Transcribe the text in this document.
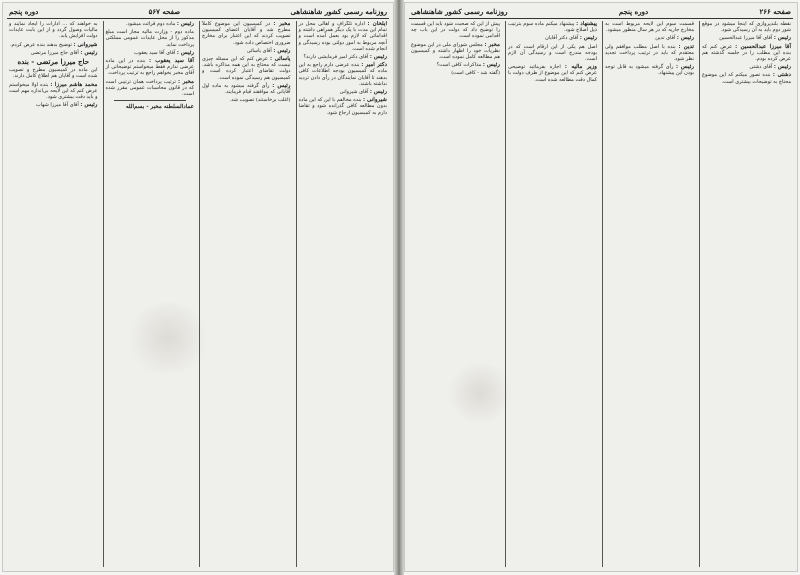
روزنامه رسمی کشور شاهنشاهی
صفحه ۵۶۷
دوره پنجم

ایلخان : اداره تلگراف و اهالی محل در تمام این مدت با یک دیگر همراهی داشته و اقداماتی که لازم بود بعمل آمده است و آنچه مربوط به امور دولتی بوده رسیدگی و انجام شده است.

رئیس : آقای دکتر امیر فرمایشی دارند؟

دکتر امیر : بنده عرضی دارم راجع به این ماده که کمیسیون بودجه اطلاعات کافی بدهند تا آقایان نمایندگان در رأی دادن تردید نداشته باشند.

رئیس : آقای شیروانی

شیروانی : بنده مخالفم با این که این ماده بدون مطالعه کافی گذرانده شود و تقاضا دارم به کمیسیون ارجاع شود.

مخبر : در کمیسیون این موضوع کاملاً مطرح شد و آقایان اعضای کمیسیون تصویب کردند که این اعتبار برای مخارج ضروری اختصاص داده شود.

رئیس : آقای یاسائی

یاسائی : عرض کنم که این مسئله چیزی نیست که محتاج به این همه مذاکره باشد. دولت تقاضای اعتبار کرده است و کمیسیون هم رسیدگی نموده است.

رئیس : رأی گرفته میشود به ماده اول آقایانی که موافقند قیام فرمایند.

(اغلب برخاستند) تصویب شد.

رئیس : ماده دوم قرائت میشود.

ماده دوم - وزارت مالیه مجاز است مبلغ مذکور را از محل عایدات عمومی مملکتی پرداخت نماید.

رئیس : آقای آقا سید یعقوب

آقا سید یعقوب : بنده در این ماده عرضی ندارم فقط میخواستم توضیحاتی از آقای مخبر بخواهم راجع به ترتیب پرداخت.

مخبر : ترتیب پرداخت همان ترتیبی است که در قانون محاسبات عمومی مقرر شده است.

عمادالسلطنه مخبر - بسم‌الله

به خواهند که ... ادارات را ایجاد نمایند و مالیات وصول گردد و از این بابت عایدات دولت افزایش یابد.

شیروانی : توضیح بدهند بنده عرض کردم.

رئیس : آقای حاج میرزا مرتضی

حاج میرزا مرتضی - بنده

این ماده در کمیسیون مطرح و تصویب شده است و آقایان هم اطلاع کامل دارند.

محمد هاشم میرزا : بنده اولا میخواستم عرض کنم که این لایحه بی‌اندازه مهم است و باید دقت بیشتری شود.

رئیس : آقای آقا میرزا شهاب

صفحه ۲۶۶
دوره پنجم
روزنامه رسمی کشور شاهنشاهی

نقطه بلندپروازی که اینجا میشود در موقع شور دوم باید به آن رسیدگی شود.

رئیس : آقای آقا میرزا عبدالحسین

آقا میرزا عبدالحسین : عرض کنم که بنده این مطلب را در جلسه گذشته هم عرض کرده بودم.

رئیس : آقای دشتی

دشتی : بنده تصور میکنم که این موضوع محتاج به توضیحات بیشتری است.

قسمت سوم این لایحه مربوط است به مخارج جاریه که در هر سال منظور میشود.

رئیس : آقای تدین

تدین : بنده با اصل مطلب موافقم ولی معتقدم که باید در ترتیب پرداخت تجدید نظر شود.

رئیس : رأی گرفته میشود به قابل توجه بودن این پیشنهاد.

پیشنهاد : پیشنهاد میکنم ماده سوم بترتیب ذیل اصلاح شود.

رئیس : آقای دکتر آقایان

اصل هم یکی از این ارقام است که در بودجه مندرج است و رسیدگی آن لازم است.

وزیر مالیه : اجازه بفرمائید توضیحی عرض کنم که این موضوع از طرف دولت با کمال دقت مطالعه شده است.

پیش از این که صحبت شود باید این قسمت را توضیح داد که دولت در این باب چه اقدامی نموده است.

مخبر : مجلس شورای ملی در این موضوع نظریات خود را اظهار داشته و کمیسیون هم مطالعه کامل نموده است.

رئیس : مذاکرات کافی است؟

(گفته شد - کافی است)
